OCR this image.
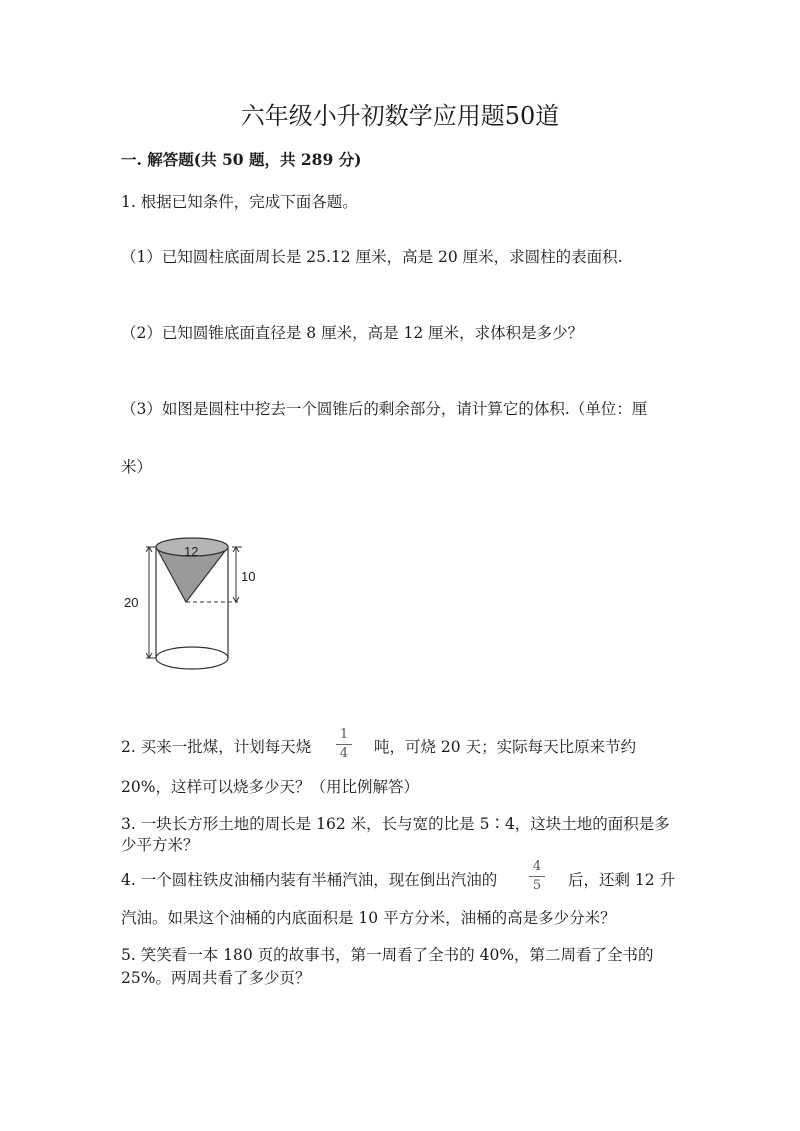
六年级小升初数学应用题50道
一. 解答题(共 50 题，共 289 分)
1. 根据已知条件，完成下面各题。
（1）已知圆柱底面周长是 25.12 厘米，高是 20 厘米，求圆柱的表面积.
（2）已知圆锥底面直径是 8 厘米，高是 12 厘米，求体积是多少？
（3）如图是圆柱中挖去一个圆锥后的剩余部分，请计算它的体积.（单位：厘
米）
12
10
20
2. 买来一批煤，计划每天烧
1
4	吨，可烧 20 天；实际每天比原来节约
20%，这样可以烧多少天？（用比例解答）
3. 一块长方形土地的周长是 162 米，长与宽的比是 5∶4，这块土地的面积是多
少平方米？
4. 一个圆柱铁皮油桶内装有半桶汽油，现在倒出汽油的
4
5	后，还剩 12 升
汽油。如果这个油桶的内底面积是 10 平方分米，油桶的高是多少分米？
5. 笑笑看一本 180 页的故事书，第一周看了全书的 40%，第二周看了全书的
25%。两周共看了多少页？
